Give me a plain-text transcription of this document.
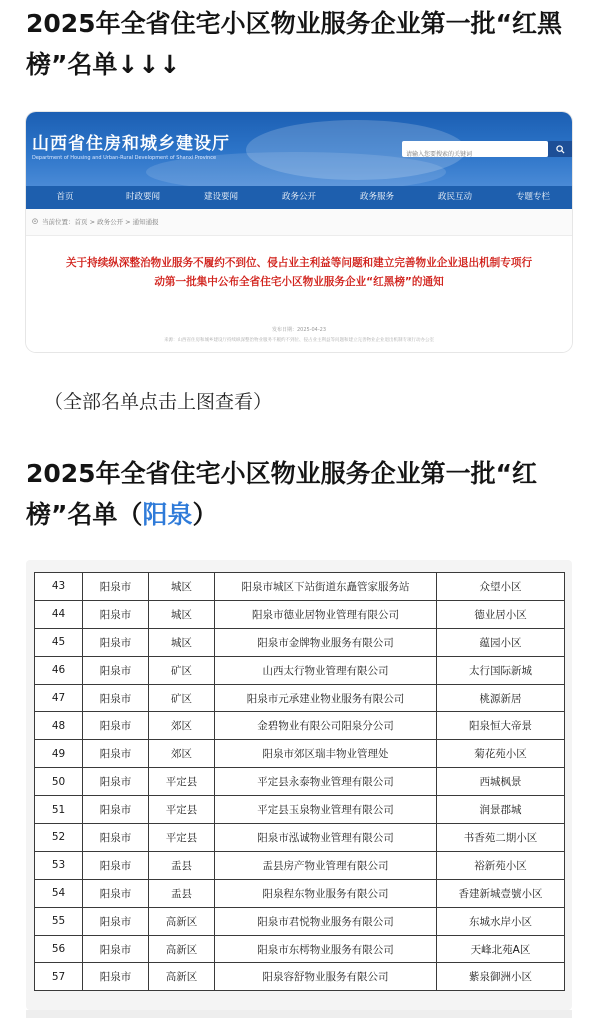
2025年全省住宅小区物业服务企业第一批“红黑榜”名单↓↓↓
山西省住房和城乡建设厅
Department of Housing and Urban-Rural Development of Shanxi Province
请输入您要搜索的关键词
首页	时政要闻	建设要闻	政务公开	政务服务	政民互动	专题专栏
当前位置：首页 > 政务公开 > 通知通报
关于持续纵深整治物业服务不履约不到位、侵占业主利益等问题和建立完善物业企业退出机制专项行动第一批集中公布全省住宅小区物业服务企业“红黑榜”的通知
发布日期：2025-04-23
来源：山西省住房和城乡建设厅持续纵深整治物业服务不履约不到位、侵占业主利益等问题和建立完善物业企业退出机制专项行动办公室
（全部名单点击上图查看）
2025年全省住宅小区物业服务企业第一批“红榜”名单（阳泉）
43	阳泉市	城区	阳泉市城区下站街道东矗管家服务站	众望小区
44	阳泉市	城区	阳泉市德业居物业管理有限公司	德业居小区
45	阳泉市	城区	阳泉市金牌物业服务有限公司	蕴园小区
46	阳泉市	矿区	山西太行物业管理有限公司	太行国际新城
47	阳泉市	矿区	阳泉市元承建业物业服务有限公司	桃源新居
48	阳泉市	郊区	金碧物业有限公司阳泉分公司	阳泉恒大帝景
49	阳泉市	郊区	阳泉市郊区瑞丰物业管理处	菊花苑小区
50	阳泉市	平定县	平定县永泰物业管理有限公司	西城枫景
51	阳泉市	平定县	平定县玉泉物业管理有限公司	润景郡城
52	阳泉市	平定县	阳泉市泓诚物业管理有限公司	书香苑二期小区
53	阳泉市	盂县	盂县房产物业管理有限公司	裕新苑小区
54	阳泉市	盂县	阳泉程东物业服务有限公司	香建新城壹號小区
55	阳泉市	高新区	阳泉市君悦物业服务有限公司	东城水岸小区
56	阳泉市	高新区	阳泉市东樗物业服务有限公司	天峰北苑A区
57	阳泉市	高新区	阳泉容舒物业服务有限公司	紫泉御洲小区
